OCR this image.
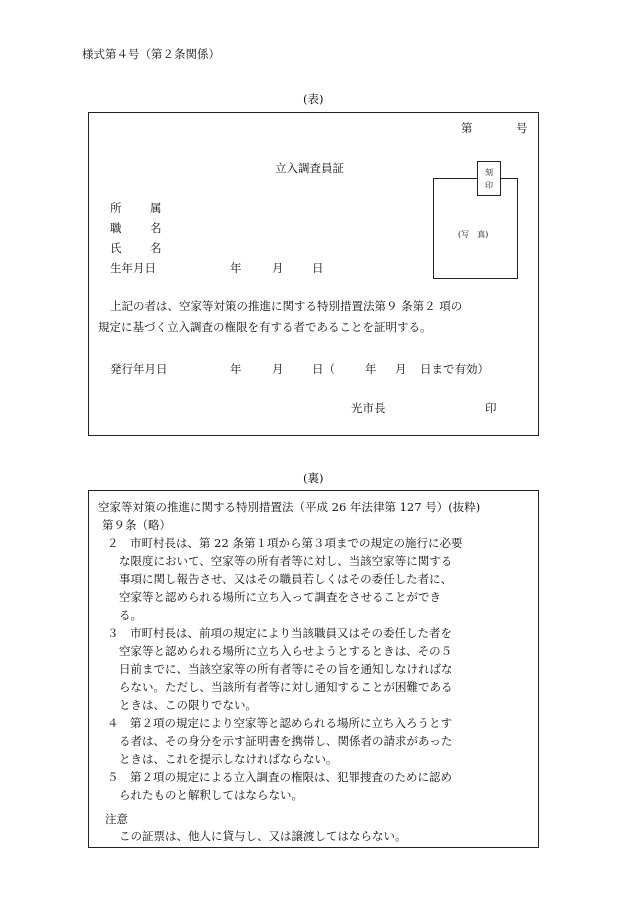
様式第４号（第２条関係）
(表)
第	号
立入調査員証
(写　真)
刻
印
所 属
職 名
氏 名
生年月日	年	月 日
上記の者は、空家等対策の推進に関する特別措置法第９ 条第２ 項の
規定に基づく立入調査の権限を有する者であることを証明する。
発行年月日	年	月 日（	年 月 日まで有効）
光市長	印
(裏)
空家等対策の推進に関する特別措置法（平成 26 年法律第 127 号）(抜粋)
第９条（略）
２　市町村長は、第 22 条第１項から第３項までの規定の施行に必要
な限度において、空家等の所有者等に対し、当該空家等に関する
事項に関し報告させ、又はその職員若しくはその委任した者に、
空家等と認められる場所に立ち入って調査をさせることができ
る。
３　市町村長は、前項の規定により当該職員又はその委任した者を
空家等と認められる場所に立ち入らせようとするときは、その５
日前までに、当該空家等の所有者等にその旨を通知しなければな
らない。ただし、当該所有者等に対し通知することが困難である
ときは、この限りでない。
４　第２項の規定により空家等と認められる場所に立ち入ろうとす
る者は、その身分を示す証明書を携帯し、関係者の請求があった
ときは、これを提示しなければならない。
５　第２項の規定による立入調査の権限は、犯罪捜査のために認め
られたものと解釈してはならない。
注意
この証票は、他人に貸与し、又は譲渡してはならない。
